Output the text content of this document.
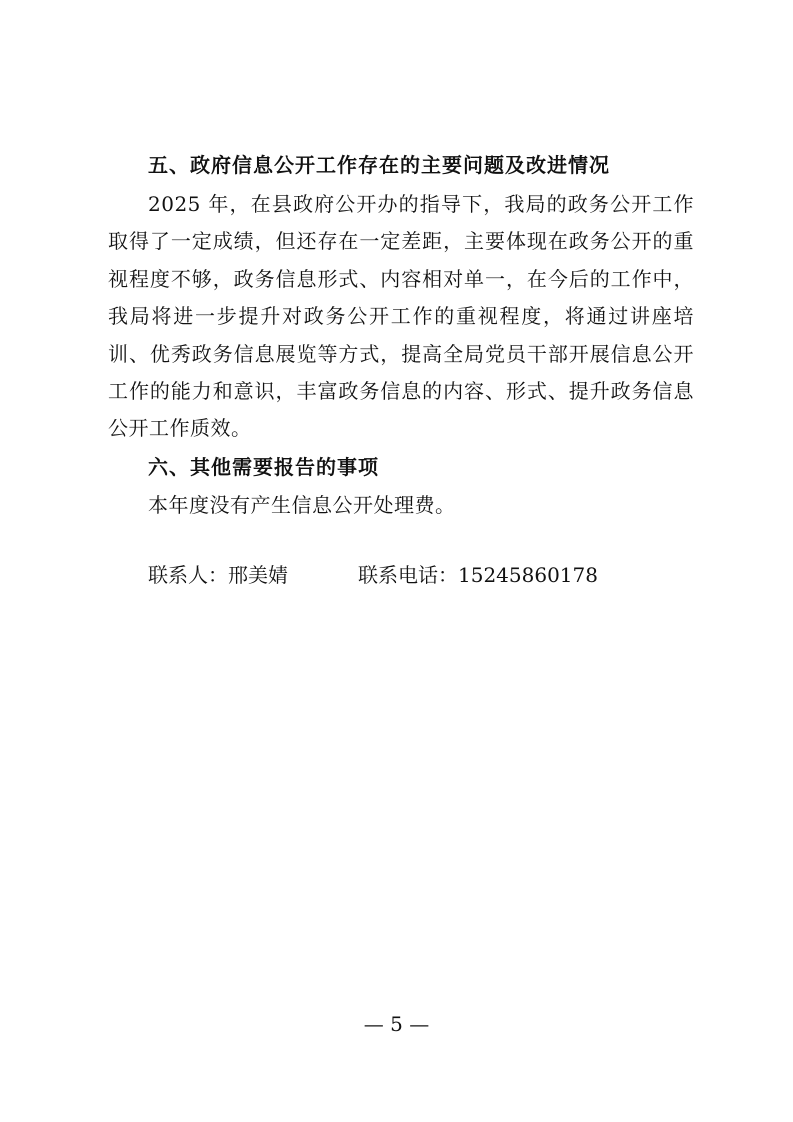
五、政府信息公开工作存在的主要问题及改进情况
2025 年，在县政府公开办的指导下，我局的政务公开工作
取得了一定成绩，但还存在一定差距，主要体现在政务公开的重
视程度不够，政务信息形式、内容相对单一，在今后的工作中，
我局将进一步提升对政务公开工作的重视程度，将通过讲座培
训、优秀政务信息展览等方式，提高全局党员干部开展信息公开
工作的能力和意识，丰富政务信息的内容、形式、提升政务信息
公开工作质效。
六、其他需要报告的事项
本年度没有产生信息公开处理费。
联系人：邢美婧	联系电话：15245860178
— 5 —
